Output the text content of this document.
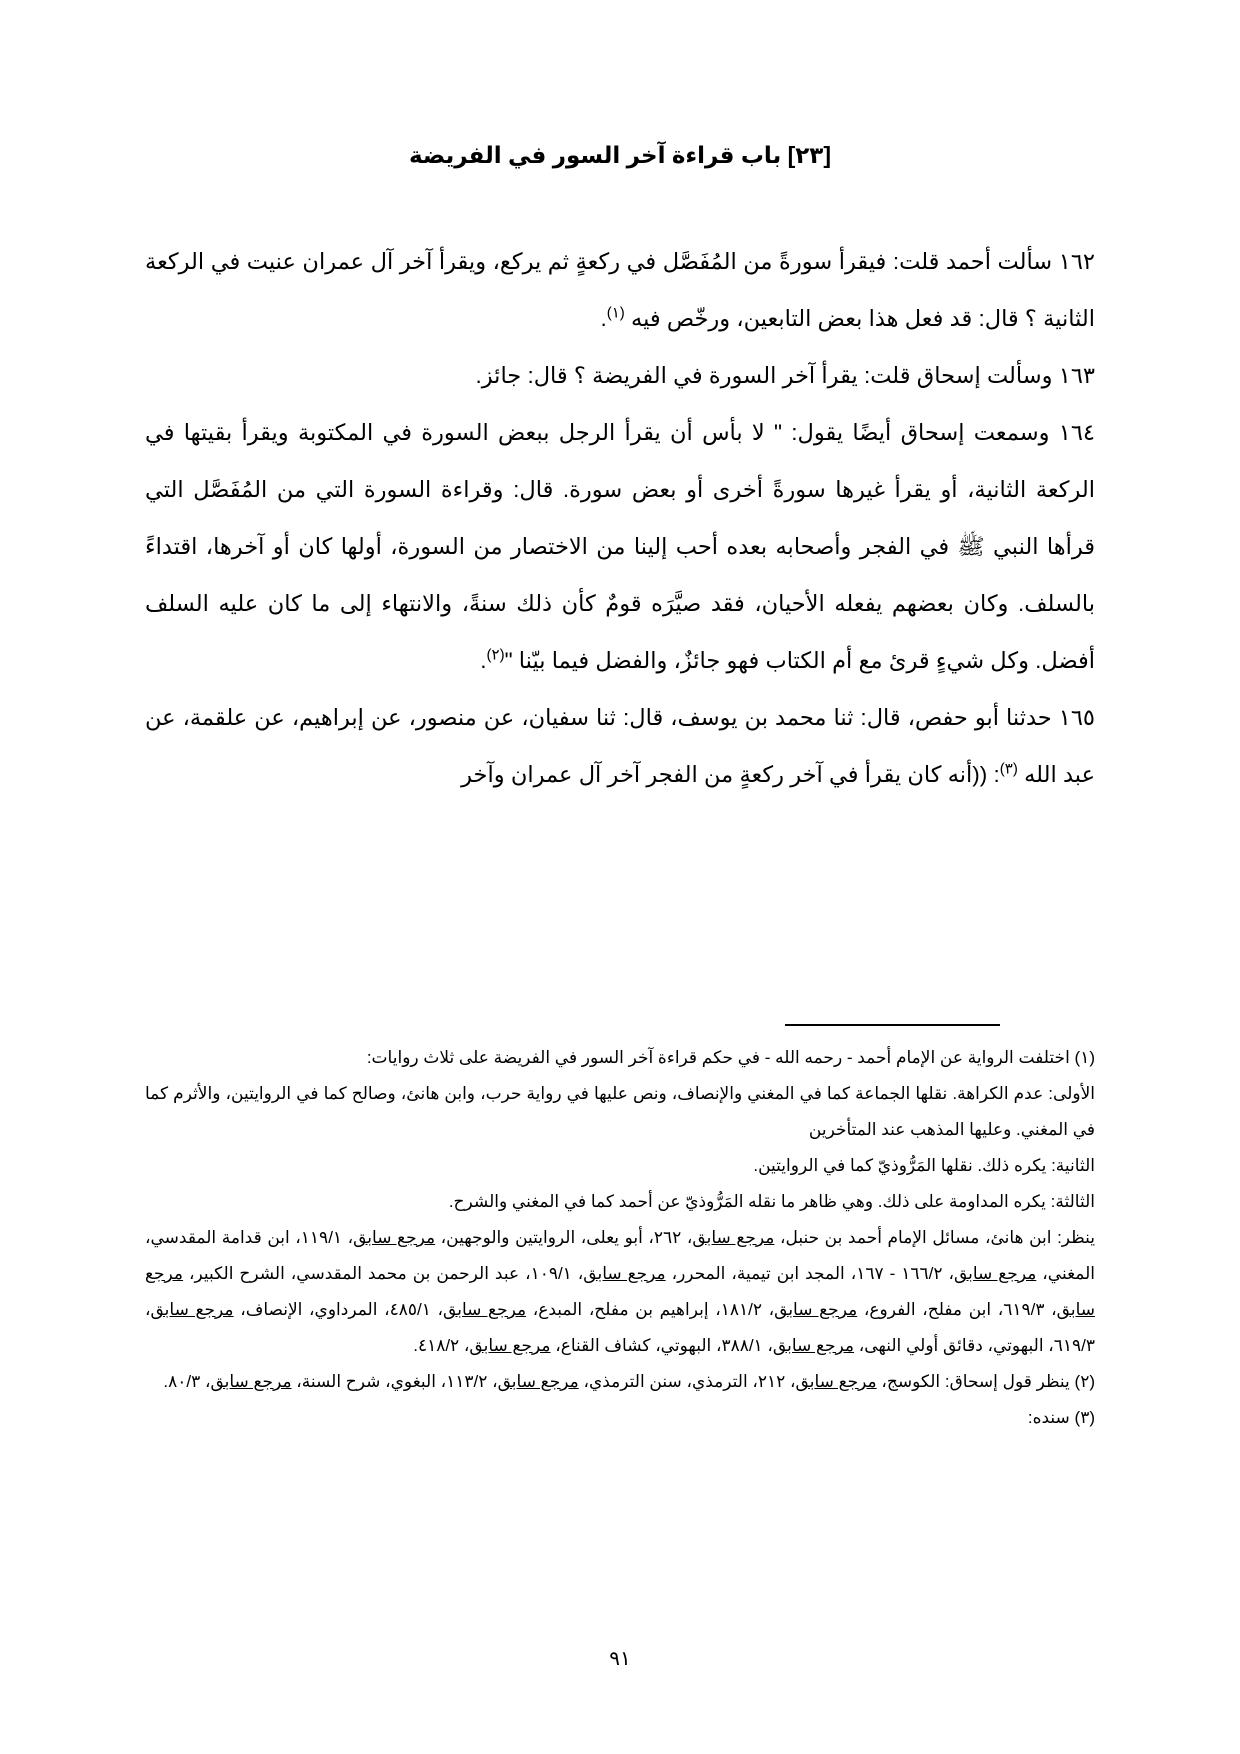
[٢٣] باب قراءة آخر السور في الفريضة

١٦٢ سألت أحمد قلت: فيقرأ سورةً من المُفَصَّل في ركعةٍ ثم يركع، ويقرأ آخر آل عمران عنيت في الركعة الثانية ؟ قال: قد فعل هذا بعض التابعين، ورخّص فيه $^{(١)}$.

١٦٣ وسألت إسحاق قلت: يقرأ آخر السورة في الفريضة ؟ قال: جائز.

١٦٤ وسمعت إسحاق أيضًا يقول: " لا بأس أن يقرأ الرجل ببعض السورة في المكتوبة ويقرأ بقيتها في الركعة الثانية، أو يقرأ غيرها سورةً أخرى أو بعض سورة. قال: وقراءة السورة التي من المُفَصَّل التي قرأها النبي ﷺ في الفجر وأصحابه بعده أحب إلينا من الاختصار من السورة، أولها كان أو آخرها، اقتداءً بالسلف. وكان بعضهم يفعله الأحيان، فقد صيَّرَه قومٌ كأن ذلك سنةً، والانتهاء إلى ما كان عليه السلف أفضل. وكل شيءٍ قرئ مع أم الكتاب فهو جائزٌ، والفضل فيما بيّنا "$^{(٢)}$.

١٦٥ حدثنا أبو حفص، قال: ثنا محمد بن يوسف، قال: ثنا سفيان، عن منصور، عن إبراهيم، عن علقمة، عن عبد الله $^{(٣)}$: ((أنه كان يقرأ في آخر ركعةٍ من الفجر آخر آل عمران وآخر

(١) اختلفت الرواية عن الإمام أحمد - رحمه الله - في حكم قراءة آخر السور في الفريضة على ثلاث روايات:

الأولى: عدم الكراهة. نقلها الجماعة كما في المغني والإنصاف، ونص عليها في رواية حرب، وابن هانئ، وصالح كما في الروايتين، والأثرم كما في المغني. وعليها المذهب عند المتأخرين

الثانية: يكره ذلك. نقلها المَرُّوذيّ كما في الروايتين.

الثالثة: يكره المداومة على ذلك. وهي ظاهر ما نقله المَرُّوذيّ عن أحمد كما في المغني والشرح.

ينظر: ابن هانئ، مسائل الإمام أحمد بن حنبل، مرجع سابق، ٢٦٢، أبو يعلى، الروايتين والوجهين، مرجع سابق، ١١٩/١، ابن قدامة المقدسي، المغني، مرجع سابق، ١٦٦/٢ - ١٦٧، المجد ابن تيمية، المحرر، مرجع سابق، ١٠٩/١، عبد الرحمن بن محمد المقدسي، الشرح الكبير، مرجع سابق، ٦١٩/٣، ابن مفلح، الفروع، مرجع سابق، ١٨١/٢، إبراهيم بن مفلح، المبدع، مرجع سابق، ٤٨٥/١، المرداوي، الإنصاف، مرجع سابق، ٦١٩/٣، البهوتي، دقائق أولي النهى، مرجع سابق، ٣٨٨/١، البهوتي، كشاف القناع، مرجع سابق، ٤١٨/٢.

(٢) ينظر قول إسحاق: الكوسج، مرجع سابق، ٢١٢، الترمذي، سنن الترمذي، مرجع سابق، ١١٣/٢، البغوي، شرح السنة، مرجع سابق، ٨٠/٣.

(٣) سنده:

٩١
